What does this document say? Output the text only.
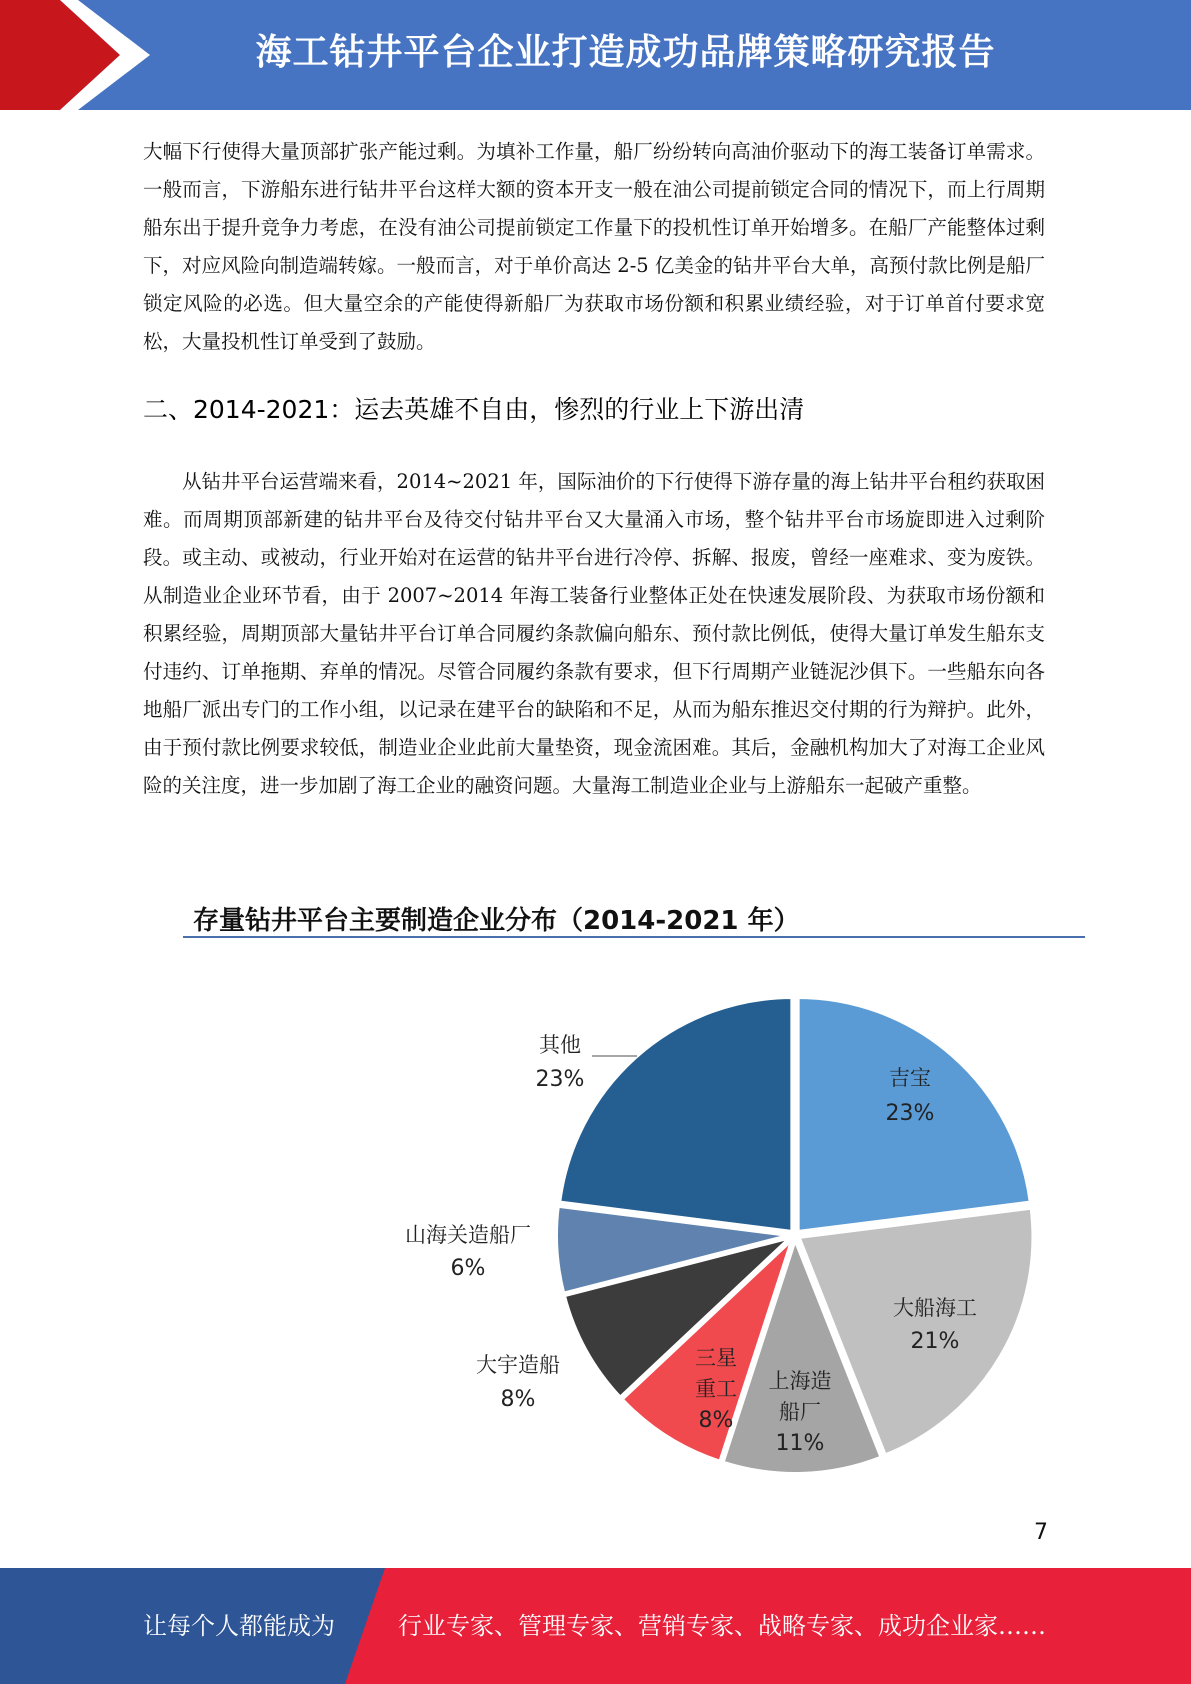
海工钻井平台企业打造成功品牌策略研究报告

大幅下行使得大量顶部扩张产能过剩。为填补工作量，船厂纷纷转向高油价驱动下的海工装备订单需求。一般而言，下游船东进行钻井平台这样大额的资本开支一般在油公司提前锁定合同的情况下，而上行周期船东出于提升竞争力考虑，在没有油公司提前锁定工作量下的投机性订单开始增多。在船厂产能整体过剩下，对应风险向制造端转嫁。一般而言，对于单价高达 2-5 亿美金的钻井平台大单，高预付款比例是船厂锁定风险的必选。但大量空余的产能使得新船厂为获取市场份额和积累业绩经验，对于订单首付要求宽松，大量投机性订单受到了鼓励。

二、2014-2021：运去英雄不自由，惨烈的行业上下游出清

从钻井平台运营端来看，2014~2021 年，国际油价的下行使得下游存量的海上钻井平台租约获取困难。而周期顶部新建的钻井平台及待交付钻井平台又大量涌入市场，整个钻井平台市场旋即进入过剩阶段。或主动、或被动，行业开始对在运营的钻井平台进行冷停、拆解、报废，曾经一座难求、变为废铁。从制造业企业环节看，由于 2007~2014 年海工装备行业整体正处在快速发展阶段、为获取市场份额和积累经验，周期顶部大量钻井平台订单合同履约条款偏向船东、预付款比例低，使得大量订单发生船东支付违约、订单拖期、弃单的情况。尽管合同履约条款有要求，但下行周期产业链泥沙俱下。一些船东向各地船厂派出专门的工作小组，以记录在建平台的缺陷和不足，从而为船东推迟交付期的行为辩护。此外，由于预付款比例要求较低，制造业企业此前大量垫资，现金流困难。其后，金融机构加大了对海工企业风险的关注度，进一步加剧了海工企业的融资问题。大量海工制造业企业与上游船东一起破产重整。

存量钻井平台主要制造企业分布（2014-2021 年）
吉宝
23%
大船海工
21%
上海造船厂
11%
三星重工
8%
大宇造船
8%
山海关造船厂
6%
其他
23%
7
让每个人都能成为	行业专家、管理专家、营销专家、战略专家、成功企业家……
